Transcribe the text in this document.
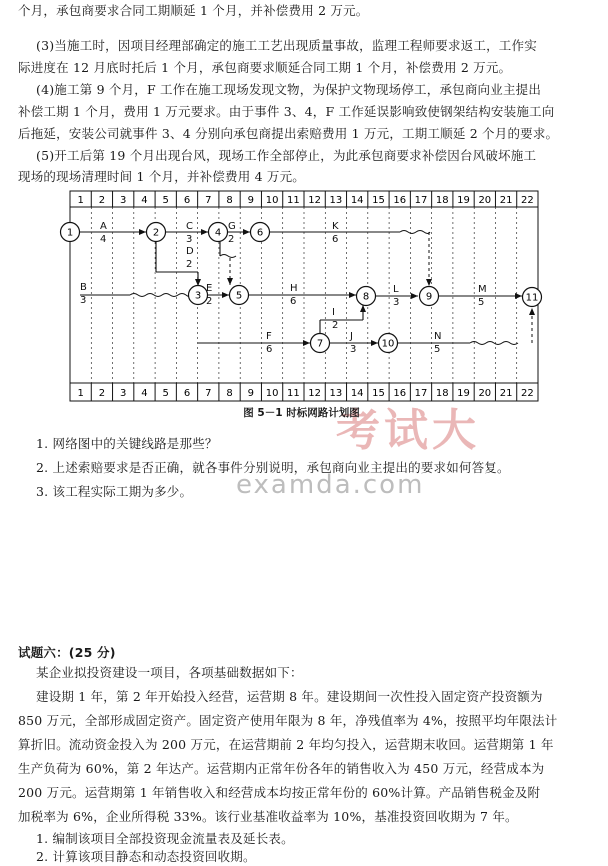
个月，承包商要求合同工期顺延 1 个月，并补偿费用 2 万元。
(3)当施工时，因项目经理部确定的施工工艺出现质量事故，监理工程师要求返工，工作实
际进度在 12 月底时托后 1 个月，承包商要求顺延合同工期 1 个月，补偿费用 2 万元。
(4)施工第 9 个月，F 工作在施工现场发现文物，为保护文物现场停工，承包商向业主提出
补偿工期 1 个月，费用 1 万元要求。由于事件 3、4，F 工作延误影响致使钢架结构安装施工向
后拖延，安装公司就事件 3、4 分别向承包商提出索赔费用 1 万元，工期工顺延 2 个月的要求。
(5)开工后第 19 个月出现台风，现场工作全部停止，为此承包商要求补偿因台风破坏施工
现场的现场清理时间 1 个月，并补偿费用 4 万元。
1 2 3 4 5 6 7 8 9 10 11 12 13 14 15 16 17 18 19 20 21 22
1 2 3 4 5 6 7 8 9 10 11 12 13 14 15 16 17 18 19 20 21 22
1	2
3
4
5
6
7
8	9
10
11
A
4
B
3
C
3
D
2
E
2
G
2
H
6
K
6
L
3
M
5
F
6
I
2
J
3
N
5
考试大
图 5－1 时标网路计划图
examda.com
1. 网络图中的关键线路是那些？
2. 上述索赔要求是否正确，就各事件分别说明，承包商向业主提出的要求如何答复。
3. 该工程实际工期为多少。
试题六：(25 分)
某企业拟投资建设一项目，各项基础数据如下：
建设期 1 年，第 2 年开始投入经营，运营期 8 年。建设期间一次性投入固定资产投资额为
850 万元，全部形成固定资产。固定资产使用年限为 8 年，净残值率为 4%，按照平均年限法计
算折旧。流动资金投入为 200 万元，在运营期前 2 年均匀投入，运营期末收回。运营期第 1 年
生产负荷为 60%，第 2 年达产。运营期内正常年份各年的销售收入为 450 万元，经营成本为
200 万元。运营期第 1 年销售收入和经营成本均按正常年份的 60%计算。产品销售税金及附
加税率为 6%，企业所得税 33%。该行业基准收益率为 10%，基准投资回收期为 7 年。
1. 编制该项目全部投资现金流量表及延长表。
2. 计算该项目静态和动态投资回收期。
